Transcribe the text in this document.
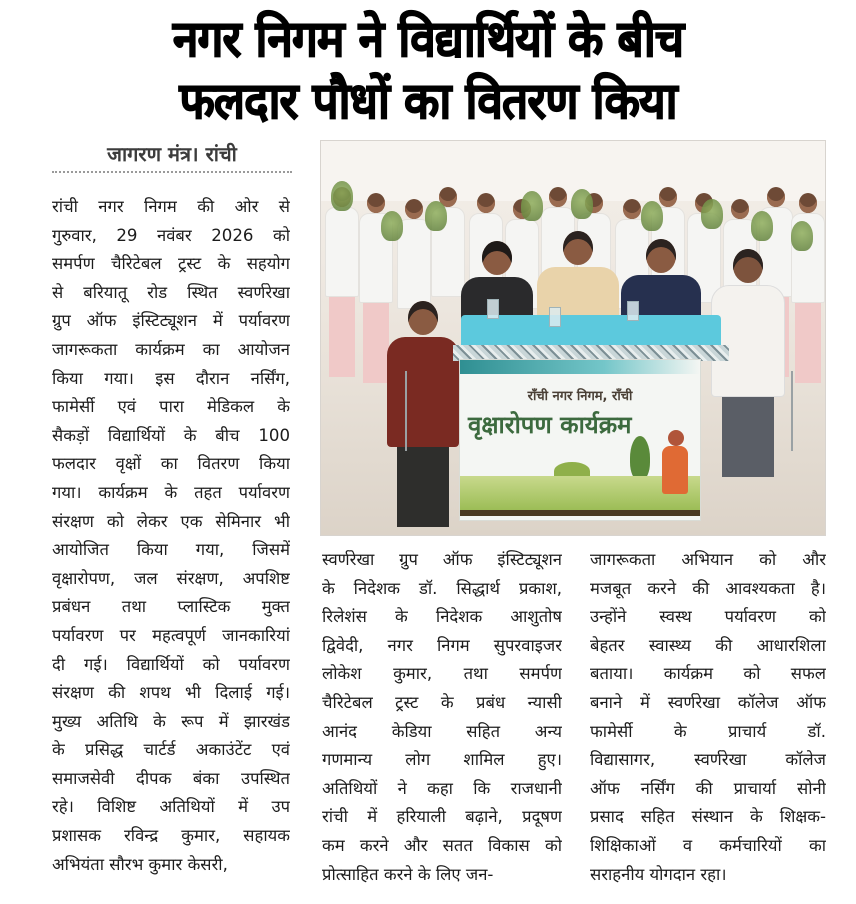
नगर निगम ने विद्यार्थियों के बीच
फलदार पौधों का वितरण किया
जागरण मंत्र। रांची
रांची नगर निगम की ओर से
गुरुवार, 29 नवंबर 2026 को
समर्पण चैरिटेबल ट्रस्ट के सहयोग
से बरियातू रोड स्थित स्वर्णरेखा
ग्रुप ऑफ इंस्टिट्यूशन में पर्यावरण
जागरूकता कार्यक्रम का आयोजन
किया गया। इस दौरान नर्सिंग,
फामेर्सी एवं पारा मेडिकल के
सैकड़ों विद्यार्थियों के बीच 100
फलदार वृक्षों का वितरण किया
गया। कार्यक्रम के तहत पर्यावरण
संरक्षण को लेकर एक सेमिनार भी
आयोजित किया गया, जिसमें
वृक्षारोपण, जल संरक्षण, अपशिष्ट
प्रबंधन तथा प्लास्टिक मुक्त
पर्यावरण पर महत्वपूर्ण जानकारियां
दी गई। विद्यार्थियों को पर्यावरण
संरक्षण की शपथ भी दिलाई गई।
मुख्य अतिथि के रूप में झारखंड
के प्रसिद्ध चार्टर्ड अकाउंटेंट एवं
समाजसेवी दीपक बंका उपस्थित
रहे। विशिष्ट अतिथियों में उप
प्रशासक रविन्द्र कुमार, सहायक
अभियंता सौरभ कुमार केसरी,
राँची नगर निगम, राँची
वृक्षारोपण कार्यक्रम
स्वर्णरेखा ग्रुप ऑफ इंस्टिट्यूशन
के निदेशक डॉ. सिद्धार्थ प्रकाश,
रिलेशंस के निदेशक आशुतोष
द्विवेदी, नगर निगम सुपरवाइजर
लोकेश कुमार, तथा समर्पण
चैरिटेबल ट्रस्ट के प्रबंध न्यासी
आनंद केडिया सहित अन्य
गणमान्य लोग शामिल हुए।
अतिथियों ने कहा कि राजधानी
रांची में हरियाली बढ़ाने, प्रदूषण
कम करने और सतत विकास को
प्रोत्साहित करने के लिए जन-
जागरूकता अभियान को और
मजबूत करने की आवश्यकता है।
उन्होंने स्वस्थ पर्यावरण को
बेहतर स्वास्थ्य की आधारशिला
बताया। कार्यक्रम को सफल
बनाने में स्वर्णरेखा कॉलेज ऑफ
फामेर्सी के प्राचार्य डॉ.
विद्यासागर, स्वर्णरेखा कॉलेज
ऑफ नर्सिंग की प्राचार्या सोनी
प्रसाद सहित संस्थान के शिक्षक-
शिक्षिकाओं व कर्मचारियों का
सराहनीय योगदान रहा।
